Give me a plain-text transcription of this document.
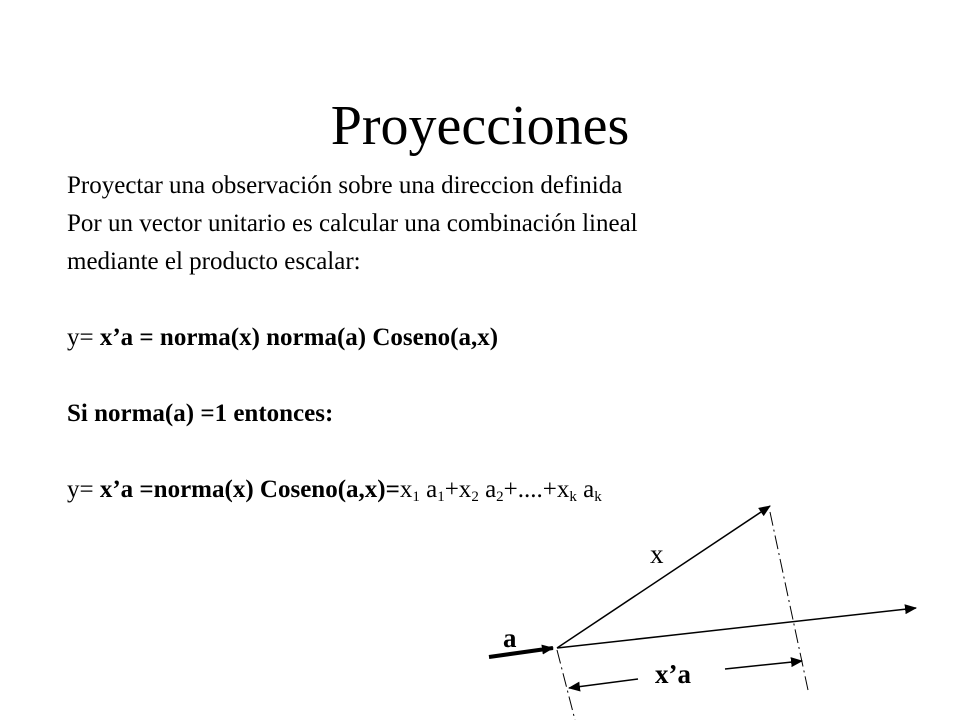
Proyecciones
Proyectar una observación sobre una direccion definida
Por un vector unitario es calcular una combinación lineal
mediante el producto escalar:
y= x’a = norma(x) norma(a) Coseno(a,x)
Si norma(a) =1 entonces:
y= x’a =norma(x) $Coseno(a,x)=x_1$ $a_1+x_2$ $a_2+....+x_k$ $a_k$
x
a
x’a
